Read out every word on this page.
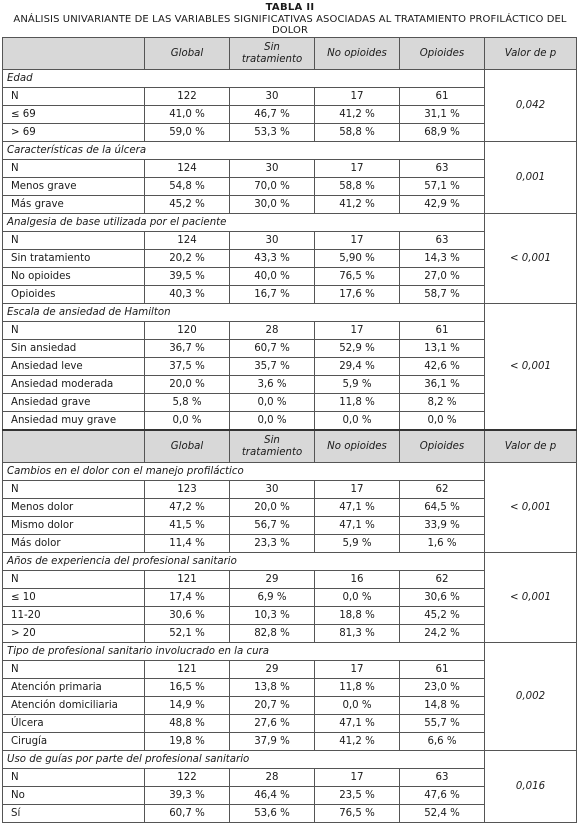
TABLA II
ANÁLISIS UNIVARIANTE DE LAS VARIABLES SIGNIFICATIVAS ASOCIADAS AL TRATAMIENTO PROFILÁCTICO DEL DOLOR
	Global	Sin tratamiento	No opioides	Opioides	Valor de p
Edad					0,042
N	122	30	17	61	
≤ 69	41,0 %	46,7 %	41,2 %	31,1 %	
> 69	59,0 %	53,3 %	58,8 %	68,9 %	
Características de la úlcera					0,001
N	124	30	17	63	
Menos grave	54,8 %	70,0 %	58,8 %	57,1 %	
Más grave	45,2 %	30,0 %	41,2 %	42,9 %	
Analgesia de base utilizada por el paciente					< 0,001
N	124	30	17	63	
Sin tratamiento	20,2 %	43,3 %	5,90 %	14,3 %	
No opioides	39,5 %	40,0 %	76,5 %	27,0 %	
Opioides	40,3 %	16,7 %	17,6 %	58,7 %	
Escala de ansiedad de Hamilton					< 0,001
N	120	28	17	61	
Sin ansiedad	36,7 %	60,7 %	52,9 %	13,1 %	
Ansiedad leve	37,5 %	35,7 %	29,4 %	42,6 %	
Ansiedad moderada	20,0 %	3,6 %	5,9 %	36,1 %	
Ansiedad grave	5,8 %	0,0 %	11,8 %	8,2 %	
Ansiedad muy grave	0,0 %	0,0 %	0,0 %	0,0 %	
	Global	Sin tratamiento	No opioides	Opioides	Valor de p
Cambios en el dolor con el manejo profiláctico					< 0,001
N	123	30	17	62	
Menos dolor	47,2 %	20,0 %	47,1 %	64,5 %	
Mismo dolor	41,5 %	56,7 %	47,1 %	33,9 %	
Más dolor	11,4 %	23,3 %	5,9 %	1,6 %	
Años de experiencia del profesional sanitario					< 0,001
N	121	29	16	62	
≤ 10	17,4 %	6,9 %	0,0 %	30,6 %	
11-20	30,6 %	10,3 %	18,8 %	45,2 %	
> 20	52,1 %	82,8 %	81,3 %	24,2 %	
Tipo de profesional sanitario involucrado en la cura					0,002
N	121	29	17	61	
Atención primaria	16,5 %	13,8 %	11,8 %	23,0 %	
Atención domiciliaria	14,9 %	20,7 %	0,0 %	14,8 %	
Úlcera	48,8 %	27,6 %	47,1 %	55,7 %	
Cirugía	19,8 %	37,9 %	41,2 %	6,6 %	
Uso de guías por parte del profesional sanitario					0,016
N	122	28	17	63	
No	39,3 %	46,4 %	23,5 %	47,6 %	
Sí	60,7 %	53,6 %	76,5 %	52,4 %	
